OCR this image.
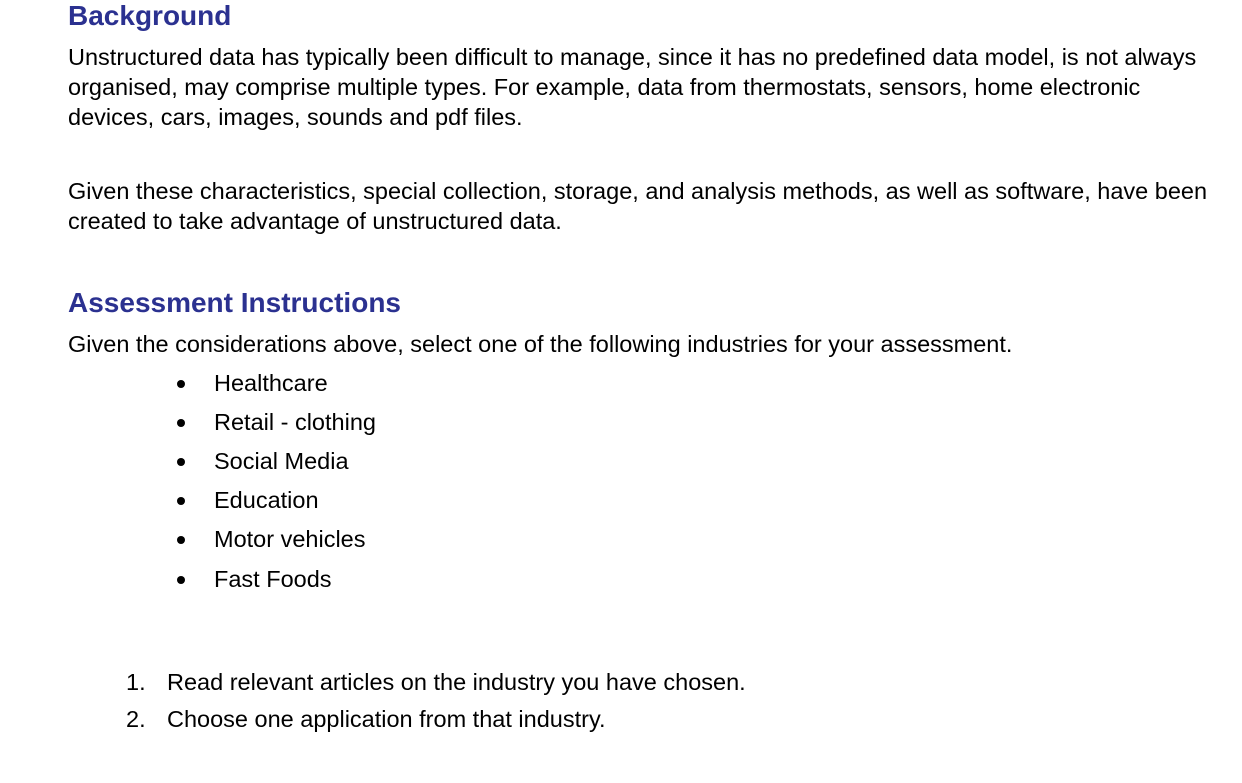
Background

Unstructured data has typically been difficult to manage, since it has no predefined data model, is not always organised, may comprise multiple types. For example, data from thermostats, sensors, home electronic devices, cars, images, sounds and pdf files.

Given these characteristics, special collection, storage, and analysis methods, as well as software, have been created to take advantage of unstructured data.

Assessment Instructions

Given the considerations above, select one of the following industries for your assessment.

Healthcare
Retail - clothing
Social Media
Education
Motor vehicles
Fast Foods
1. Read relevant articles on the industry you have chosen.
2. Choose one application from that industry.
